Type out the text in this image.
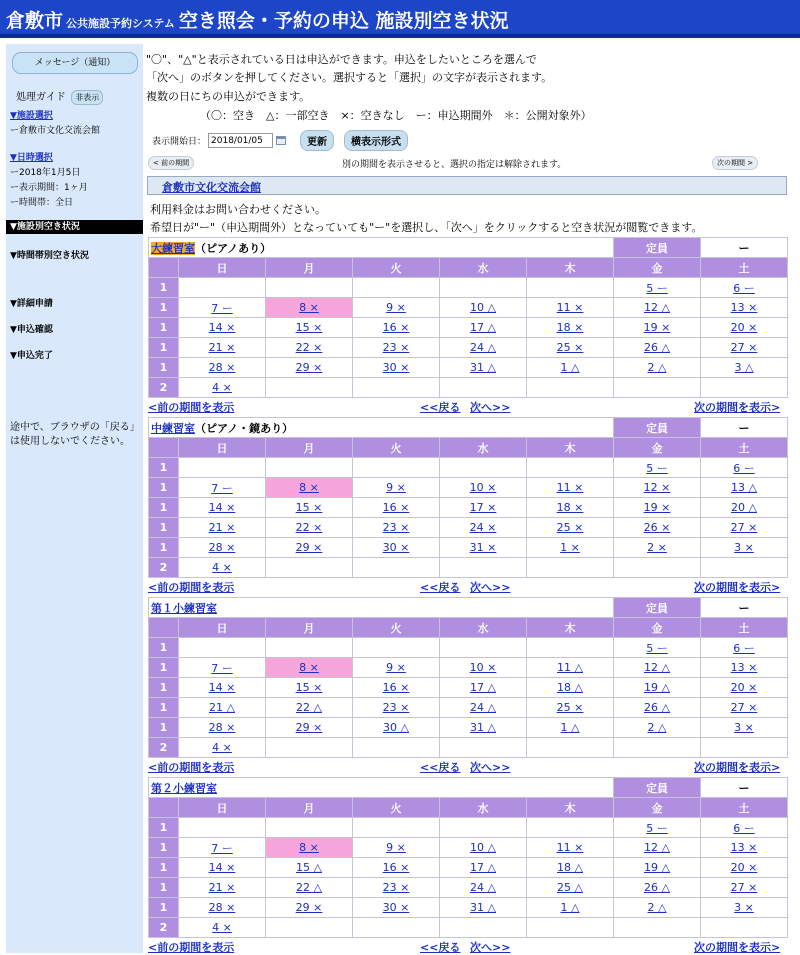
倉敷市 公共施設予約システム 空き照会・予約の申込 施設別空き状況
メッセージ（通知）
処理ガイド 非表示
▼施設選択
ー倉敷市文化交流会館
▼日時選択
ー2018年1月5日
ー表示期間：1ヶ月
ー時間帯：全日
▼施設別空き状況
▼時間帯別空き状況
▼詳細申請
▼申込確認
▼申込完了
途中で、ブラウザの「戻る」は使用しないでください。
"〇"、"△"と表示されている日は申込ができます。申込をしたいところを選んで
「次へ」のボタンを押してください。選択すると「選択」の文字が表示されます。
複数の日にちの申込ができます。
（〇：空き　△：一部空き　×：空きなし　ー：申込期間外　＊：公開対象外）
表示開始日：
2018/01/05	更新	横表示形式
< 前の期間	別の期間を表示させると、選択の指定は解除されます。	次の期間 >
倉敷市文化交流会館
利用料金はお問い合わせください。
希望日が"ー"（申込期間外）となっていても"ー"を選択し、「次へ」をクリックすると空き状況が閲覧できます。
大練習室（ピアノあり）						定員	ー
	日	月	火	水	木	金	土
1						5 ー	6 ー
1	7 ー	8 ×	9 ×	10 △	11 ×	12 △	13 ×
1	14 ×	15 ×	16 ×	17 △	18 ×	19 ×	20 ×
1	21 ×	22 ×	23 ×	24 △	25 ×	26 △	27 ×
1	28 ×	29 ×	30 ×	31 △	1 △	2 △	3 △
2	4 ×						
<前の期間を表示	<<戻る 次へ>>	次の期間を表示>
中練習室（ピアノ・鏡あり）						定員	ー
	日	月	火	水	木	金	土
1						5 ー	6 ー
1	7 ー	8 ×	9 ×	10 ×	11 ×	12 ×	13 △
1	14 ×	15 ×	16 ×	17 ×	18 ×	19 ×	20 △
1	21 ×	22 ×	23 ×	24 ×	25 ×	26 ×	27 ×
1	28 ×	29 ×	30 ×	31 ×	1 ×	2 ×	3 ×
2	4 ×						
<前の期間を表示	<<戻る 次へ>>	次の期間を表示>
第１小練習室						定員	ー
	日	月	火	水	木	金	土
1						5 ー	6 ー
1	7 ー	8 ×	9 ×	10 ×	11 △	12 △	13 ×
1	14 ×	15 ×	16 ×	17 △	18 △	19 △	20 ×
1	21 △	22 △	23 ×	24 △	25 ×	26 △	27 ×
1	28 ×	29 ×	30 △	31 △	1 △	2 △	3 ×
2	4 ×						
<前の期間を表示	<<戻る 次へ>>	次の期間を表示>
第２小練習室						定員	ー
	日	月	火	水	木	金	土
1						5 ー	6 ー
1	7 ー	8 ×	9 ×	10 △	11 ×	12 △	13 ×
1	14 ×	15 △	16 ×	17 △	18 △	19 △	20 ×
1	21 ×	22 △	23 ×	24 △	25 △	26 △	27 ×
1	28 ×	29 ×	30 ×	31 △	1 △	2 △	3 ×
2	4 ×						
<前の期間を表示	<<戻る 次へ>>	次の期間を表示>
